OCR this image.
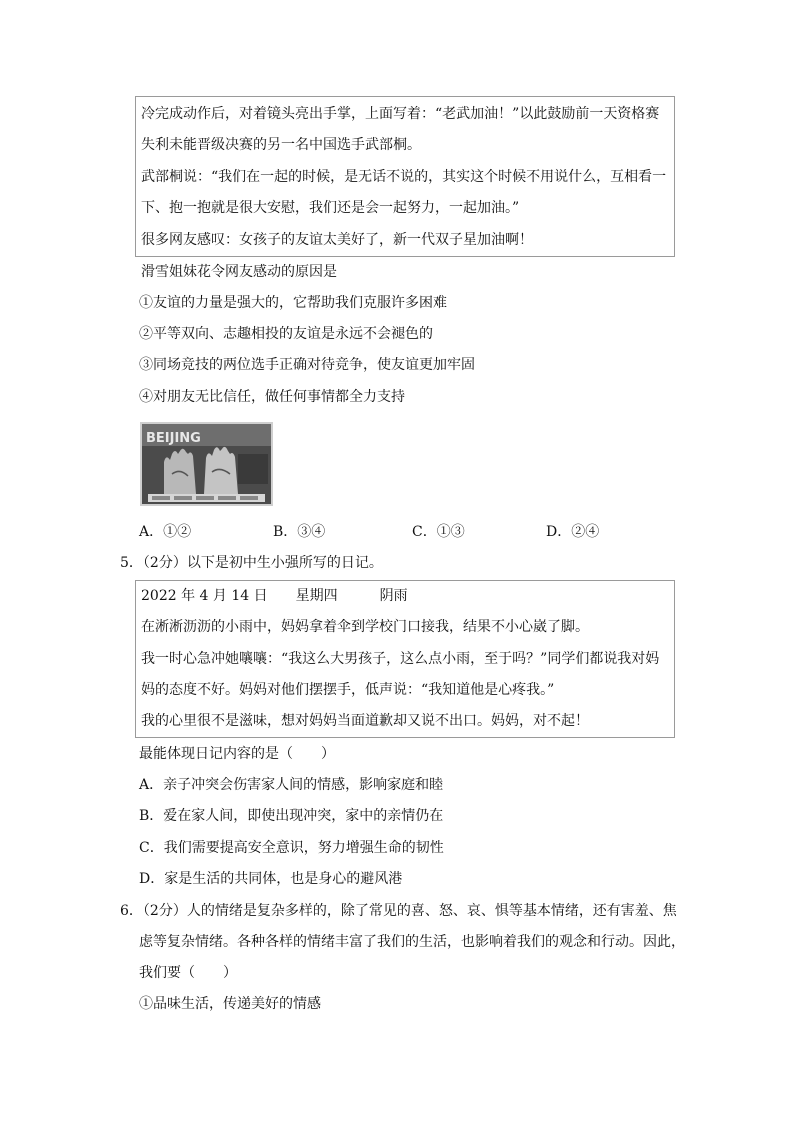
冷完成动作后，对着镜头亮出手掌，上面写着：“老武加油！”以此鼓励前一天资格赛
失利未能晋级决赛的另一名中国选手武部桐。
武部桐说：“我们在一起的时候，是无话不说的，其实这个时候不用说什么，互相看一
下、抱一抱就是很大安慰，我们还是会一起努力，一起加油。”
很多网友感叹：女孩子的友谊太美好了，新一代双子星加油啊！
滑雪姐妹花令网友感动的原因是
①友谊的力量是强大的，它帮助我们克服许多困难
②平等双向、志趣相投的友谊是永远不会褪色的
③同场竞技的两位选手正确对待竞争，使友谊更加牢固
④对朋友无比信任，做任何事情都全力支持
BEIJING
A．①②	B．③④	C．①③	D．②④
5．（2分）以下是初中生小强所写的日记。
2022 年 4 月 14 日　　星期四　　　阴雨
在淅淅沥沥的小雨中，妈妈拿着伞到学校门口接我，结果不小心崴了脚。
我一时心急冲她嚷嚷：“我这么大男孩子，这么点小雨，至于吗？”同学们都说我对妈
妈的态度不好。妈妈对他们摆摆手，低声说：“我知道他是心疼我。”
我的心里很不是滋味，想对妈妈当面道歉却又说不出口。妈妈，对不起！
最能体现日记内容的是（　　）
A．亲子冲突会伤害家人间的情感，影响家庭和睦
B．爱在家人间，即使出现冲突，家中的亲情仍在
C．我们需要提高安全意识，努力增强生命的韧性
D．家是生活的共同体，也是身心的避风港
6．（2分）人的情绪是复杂多样的，除了常见的喜、怒、哀、惧等基本情绪，还有害羞、焦
虑等复杂情绪。各种各样的情绪丰富了我们的生活，也影响着我们的观念和行动。因此，
我们要（　　）
①品味生活，传递美好的情感
